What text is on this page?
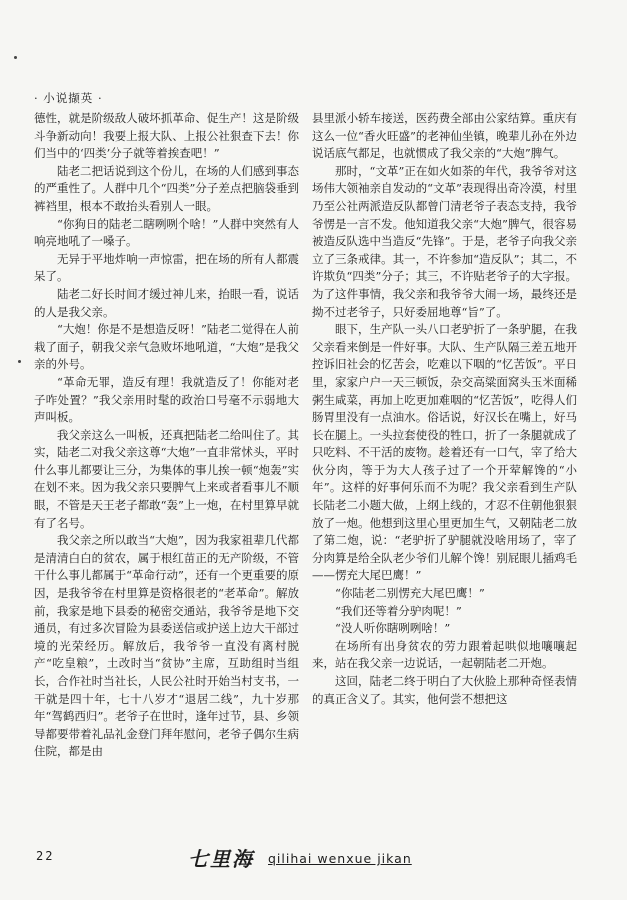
· 小说撷英 ·

德性，就是阶级敌人破坏抓革命、促生产！这是阶级斗争新动向！我要上报大队、上报公社狠查下去！你们当中的‘四类’分子就等着挨查吧！”

陆老二把话说到这个份儿，在场的人们感到事态的严重性了。人群中几个“四类”分子差点把脑袋垂到裤裆里，根本不敢抬头看别人一眼。

“你狗日的陆老二瞎咧咧个啥！”人群中突然有人响亮地吼了一嗓子。

无异于平地炸响一声惊雷，把在场的所有人都震呆了。

陆老二好长时间才缓过神儿来，抬眼一看，说话的人是我父亲。

“大炮！你是不是想造反呀！”陆老二觉得在人前栽了面子，朝我父亲气急败坏地吼道，“大炮”是我父亲的外号。

“革命无罪，造反有理！我就造反了！你能对老子咋处置？”我父亲用时髦的政治口号毫不示弱地大声叫板。

我父亲这么一叫板，还真把陆老二给叫住了。其实，陆老二对我父亲这尊“大炮”一直非常怵头，平时什么事儿都要让三分，为集体的事儿挨一顿“炮轰”实在划不来。因为我父亲只要脾气上来或者看事儿不顺眼，不管是天王老子都敢“轰”上一炮，在村里算早就有了名号。

我父亲之所以敢当“大炮”，因为我家祖辈几代都是清清白白的贫农，属于根红苗正的无产阶级，不管干什么事儿都属于“革命行动”，还有一个更重要的原因，是我爷爷在村里算是资格很老的“老革命”。解放前，我家是地下县委的秘密交通站，我爷爷是地下交通员，有过多次冒险为县委送信或护送上边大干部过境的光荣经历。解放后，我爷爷一直没有离村脱产“吃皇粮”，土改时当“贫协”主席，互助组时当组长，合作社时当社长，人民公社时开始当村支书，一干就是四十年，七十八岁才“退居二线”，九十岁那年“驾鹤西归”。老爷子在世时，逢年过节，县、乡领导都要带着礼品礼金登门拜年慰问，老爷子偶尔生病住院，都是由

县里派小轿车接送，医药费全部由公家结算。重庆有这么一位“香火旺盛”的老神仙坐镇，晚辈儿孙在外边说话底气都足，也就惯成了我父亲的“大炮”脾气。

那时，“文革”正在如火如荼的年代，我爷爷对这场伟大领袖亲自发动的“文革”表现得出奇冷漠，村里乃至公社两派造反队都曾门清老爷子表态支持，我爷爷愣是一言不发。他知道我父亲“大炮”脾气，很容易被造反队选中当造反“先锋”。于是，老爷子向我父亲立了三条戒律。其一，不许参加“造反队”；其二，不许欺负“四类”分子；其三，不许贴老爷子的大字报。为了这件事情，我父亲和我爷爷大闹一场，最终还是拗不过老爷子，只好委屈地尊“旨”了。

眼下，生产队一头八口老驴折了一条驴腿，在我父亲看来倒是一件好事。大队、生产队隔三差五地开控诉旧社会的忆苦会，吃难以下咽的“忆苦饭”。平日里，家家户户一天三顿饭，杂交高粱面窝头玉米面稀粥生咸菜，再加上吃更加难咽的“忆苦饭”，吃得人们肠胃里没有一点油水。俗话说，好汉长在嘴上，好马长在腿上。一头拉套使役的牲口，折了一条腿就成了只吃料、不干活的废物。趁着还有一口气，宰了给大伙分肉，等于为大人孩子过了一个开荤解馋的“小年”。这样的好事何乐而不为呢？我父亲看到生产队长陆老二小题大做，上纲上线的，才忍不住朝他狠狠放了一炮。他想到这里心里更加生气，又朝陆老二放了第二炮，说：“老驴折了驴腿就没啥用场了，宰了分肉算是给全队老少爷们儿解个馋！别屁眼儿插鸡毛——愣充大尾巴鹰！”

“你陆老二别愣充大尾巴鹰！”

“我们还等着分驴肉呢！”

“没人听你瞎咧咧啥！”

在场所有出身贫农的劳力跟着起哄似地嚷嚷起来，站在我父亲一边说话，一起朝陆老二开炮。

这回，陆老二终于明白了大伙脸上那种奇怪表情的真正含义了。其实，他何尝不想把这

22	七里海 qilihai wenxue jikan
